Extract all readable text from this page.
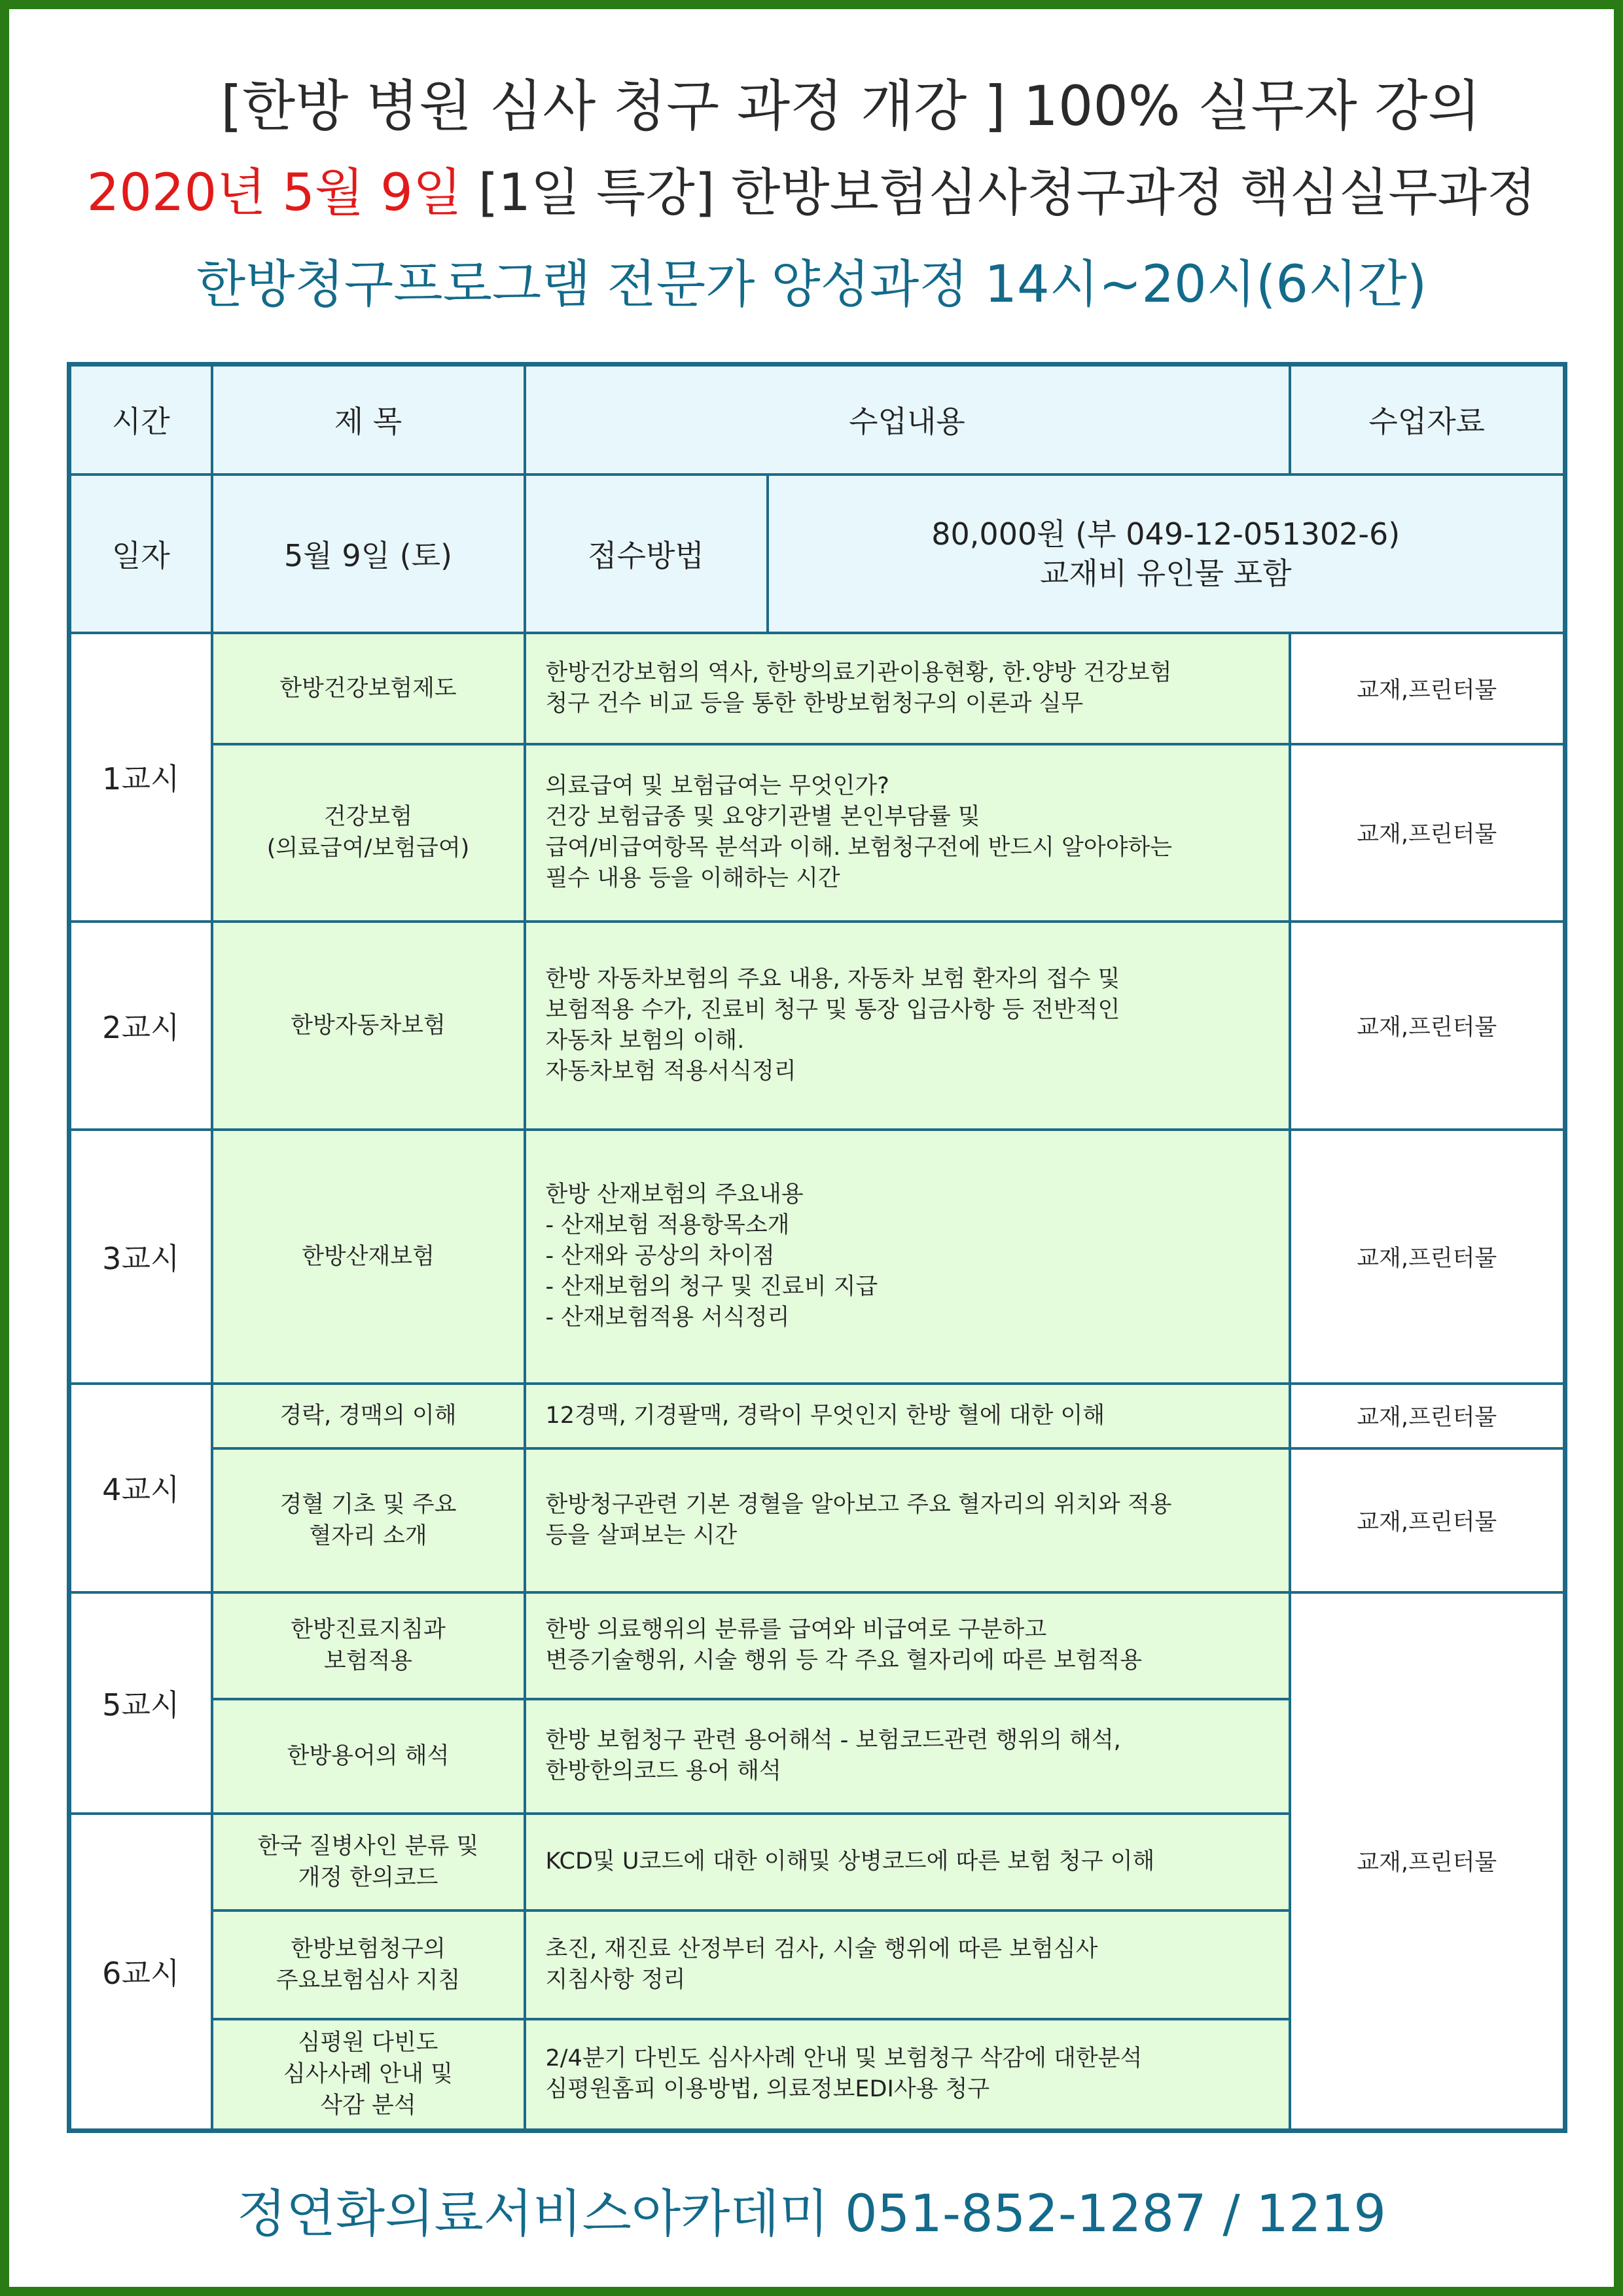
[한방 병원 심사 청구 과정 개강 ] 100% 실무자 강의
2020년 5월 9일 [1일 특강] 한방보험심사청구과정 핵심실무과정
한방청구프로그램 전문가 양성과정 14시~20시(6시간)
시간	제 목	수업내용		수업자료
일자	5월 9일 (토)	접수방법	80,000원 (부 049-12-051302-6)
교재비 유인물 포함	

1교시	한방건강보험제도	한방건강보험의 역사, 한방의료기관이용현황, 한.양방 건강보험
청구 건수 비교 등을 통한 한방보험청구의 이론과 실무		교재,프린터물
	건강보험
(의료급여/보험급여)	의료급여 및 보험급여는 무엇인가?
건강 보험급종 및 요양기관별 본인부담률 및
급여/비급여항목 분석과 이해. 보험청구전에 반드시 알아야하는
필수 내용 등을 이해하는 시간		교재,프린터물
2교시	한방자동차보험	한방 자동차보험의 주요 내용, 자동차 보험 환자의 접수 및
보험적용 수가, 진료비 청구 및 통장 입금사항 등 전반적인
자동차 보험의 이해.
자동차보험 적용서식정리		교재,프린터물
3교시	한방산재보험	한방 산재보험의 주요내용
- 산재보험 적용항목소개
- 산재와 공상의 차이점
- 산재보험의 청구 및 진료비 지급
- 산재보험적용 서식정리		교재,프린터물
4교시	경락, 경맥의 이해	12경맥, 기경팔맥, 경락이 무엇인지 한방 혈에 대한 이해		교재,프린터물
	경혈 기초 및 주요
혈자리 소개	한방청구관련 기본 경혈을 알아보고 주요 혈자리의 위치와 적용
등을 살펴보는 시간		교재,프린터물
5교시	한방진료지침과
보험적용	한방 의료행위의 분류를 급여와 비급여로 구분하고
변증기술행위, 시술 행위 등 각 주요 혈자리에 따른 보험적용		교재,프린터물
	한방용어의 해석	한방 보험청구 관련 용어해석 - 보험코드관련 행위의 해석,
한방한의코드 용어 해석		
6교시	한국 질병사인 분류 및
개정 한의코드	KCD및 U코드에 대한 이해및 상병코드에 따른 보험 청구 이해		
	한방보험청구의
주요보험심사 지침	초진, 재진료 산정부터 검사, 시술 행위에 따른 보험심사
지침사항 정리		
	심평원 다빈도
심사사례 안내 및
삭감 분석	2/4분기 다빈도 심사사례 안내 및 보험청구 삭감에 대한분석
심평원홈피 이용방법, 의료정보EDI사용 청구		
정연화의료서비스아카데미 051-852-1287 / 1219
